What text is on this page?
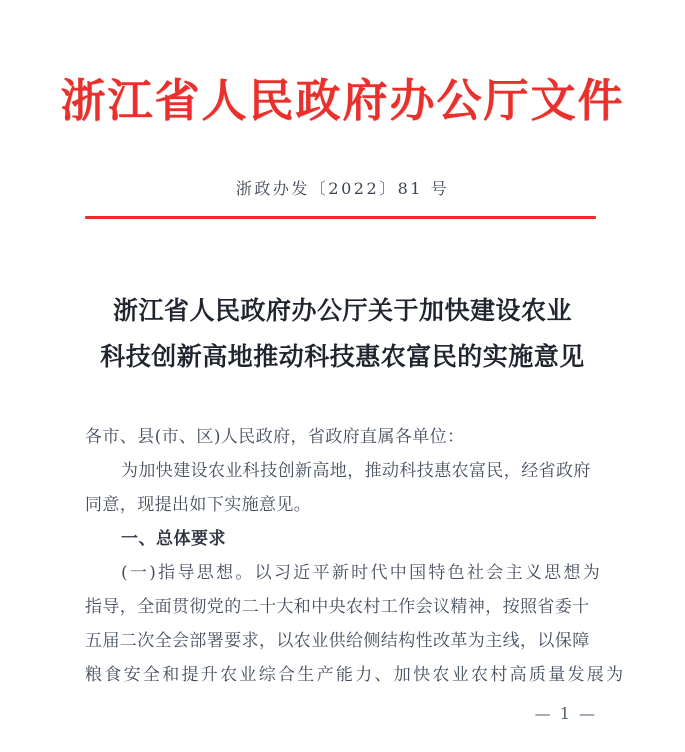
浙江省人民政府办公厅文件
浙政办发〔2022〕81 号
浙江省人民政府办公厅关于加快建设农业
科技创新高地推动科技惠农富民的实施意见
各市、县(市、区)人民政府，省政府直属各单位：
为加快建设农业科技创新高地，推动科技惠农富民，经省政府
同意，现提出如下实施意见。
一、总体要求
(一)指导思想。以习近平新时代中国特色社会主义思想为
指导，全面贯彻党的二十大和中央农村工作会议精神，按照省委十
五届二次全会部署要求，以农业供给侧结构性改革为主线，以保障
粮食安全和提升农业综合生产能力、加快农业农村高质量发展为
— 1 —
